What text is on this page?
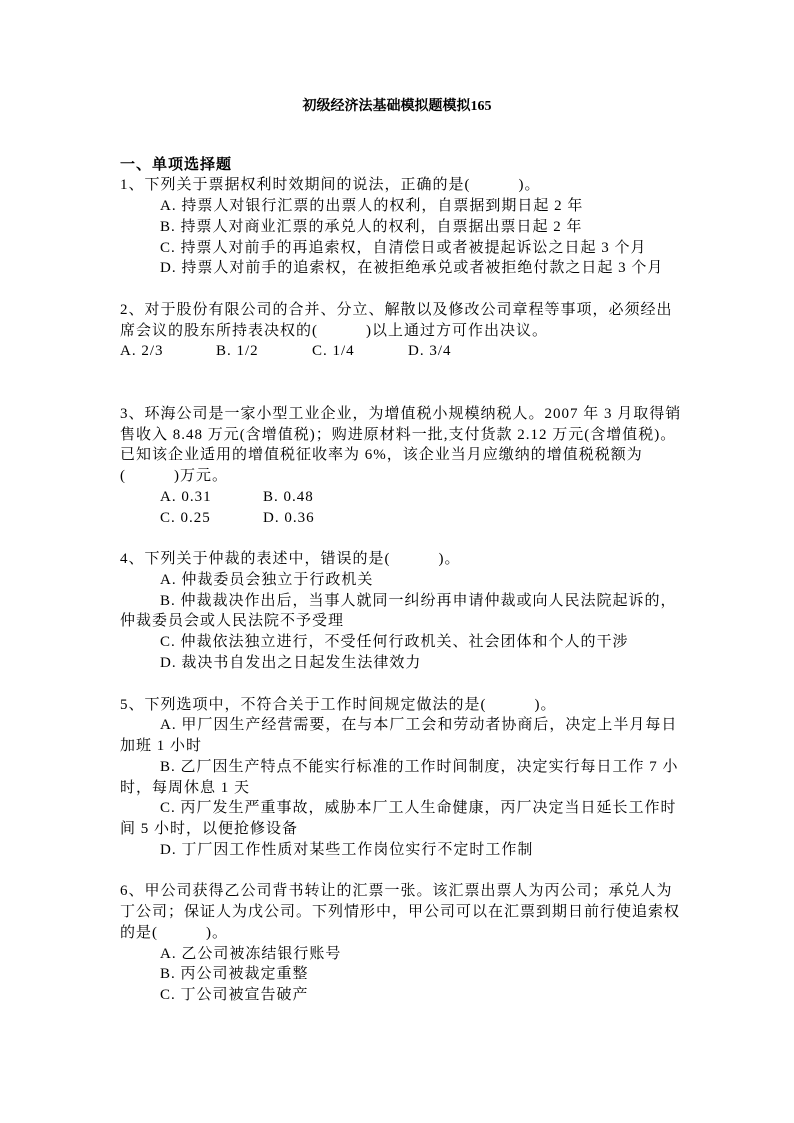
初级经济法基础模拟题模拟165
一、单项选择题
1、下列关于票据权利时效期间的说法，正确的是(　　　)。
A. 持票人对银行汇票的出票人的权利，自票据到期日起 2 年
B. 持票人对商业汇票的承兑人的权利，自票据出票日起 2 年
C. 持票人对前手的再追索权，自清偿日或者被提起诉讼之日起 3 个月
D. 持票人对前手的追索权，在被拒绝承兑或者被拒绝付款之日起 3 个月
2、对于股份有限公司的合并、分立、解散以及修改公司章程等事项，必须经出
席会议的股东所持表决权的(　　　)以上通过方可作出决议。
A. 2/3	B. 1/2	C. 1/4	D. 3/4
3、环海公司是一家小型工业企业，为增值税小规模纳税人。2007 年 3 月取得销
售收入 8.48 万元(含增值税)；购进原材料一批,支付货款 2.12 万元(含增值税)。
已知该企业适用的增值税征收率为 6%，该企业当月应缴纳的增值税税额为
(　　　)万元。
A. 0.31	B. 0.48
C. 0.25	D. 0.36
4、下列关于仲裁的表述中，错误的是(　　　)。
A. 仲裁委员会独立于行政机关
B. 仲裁裁决作出后，当事人就同一纠纷再申请仲裁或向人民法院起诉的，
仲裁委员会或人民法院不予受理
C. 仲裁依法独立进行，不受任何行政机关、社会团体和个人的干涉
D. 裁决书自发出之日起发生法律效力
5、下列选项中，不符合关于工作时间规定做法的是(　　　)。
A. 甲厂因生产经营需要，在与本厂工会和劳动者协商后，决定上半月每日
加班 1 小时
B. 乙厂因生产特点不能实行标准的工作时间制度，决定实行每日工作 7 小
时，每周休息 1 天
C. 丙厂发生严重事故，威胁本厂工人生命健康，丙厂决定当日延长工作时
间 5 小时，以便抢修设备
D. 丁厂因工作性质对某些工作岗位实行不定时工作制
6、甲公司获得乙公司背书转让的汇票一张。该汇票出票人为丙公司；承兑人为
丁公司；保证人为戊公司。下列情形中，甲公司可以在汇票到期日前行使追索权
的是(　　　)。
A. 乙公司被冻结银行账号
B. 丙公司被裁定重整
C. 丁公司被宣告破产
